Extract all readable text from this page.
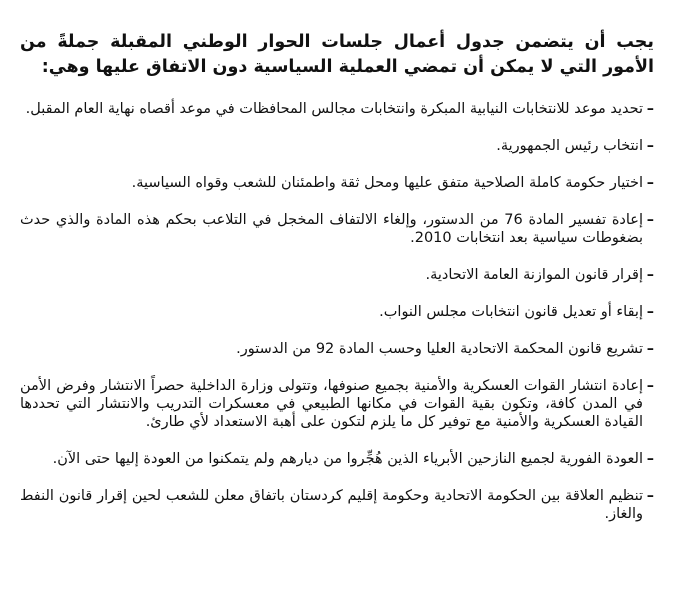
يجب أن يتضمن جدول أعمال جلسات الحوار الوطني المقبلة جملةً من الأمور التي لا يمكن أن تمضي العملية السياسية دون الاتفاق عليها وهي:

–
تحديد موعد للانتخابات النيابية المبكرة وانتخابات مجالس المحافظات في موعد أقصاه نهاية العام المقبل.
–
انتخاب رئيس الجمهورية.
–
اختيار حكومة كاملة الصلاحية متفق عليها ومحل ثقة واطمئنان للشعب وقواه السياسية.
–
إعادة تفسير المادة 76 من الدستور، وإلغاء الالتفاف المخجل في التلاعب بحكم هذه المادة والذي حدث بضغوطات سياسية بعد انتخابات 2010.
–
إقرار قانون الموازنة العامة الاتحادية.
–
إبقاء أو تعديل قانون انتخابات مجلس النواب.
–
تشريع قانون المحكمة الاتحادية العليا وحسب المادة 92 من الدستور.
–
إعادة انتشار القوات العسكرية والأمنية بجميع صنوفها، وتتولى وزارة الداخلية حصراً الانتشار وفرض الأمن في المدن كافة، وتكون بقية القوات في مكانها الطبيعي في معسكرات التدريب والانتشار التي تحددها القيادة العسكرية والأمنية مع توفير كل ما يلزم لتكون على أهبة الاستعداد لأي طارئ.
–
العودة الفورية لجميع النازحين الأبرياء الذين هُجِّروا من ديارهم ولم يتمكنوا من العودة إليها حتى الآن.
–
تنظيم العلاقة بين الحكومة الاتحادية وحكومة إقليم كردستان باتفاق معلن للشعب لحين إقرار قانون النفط والغاز.
